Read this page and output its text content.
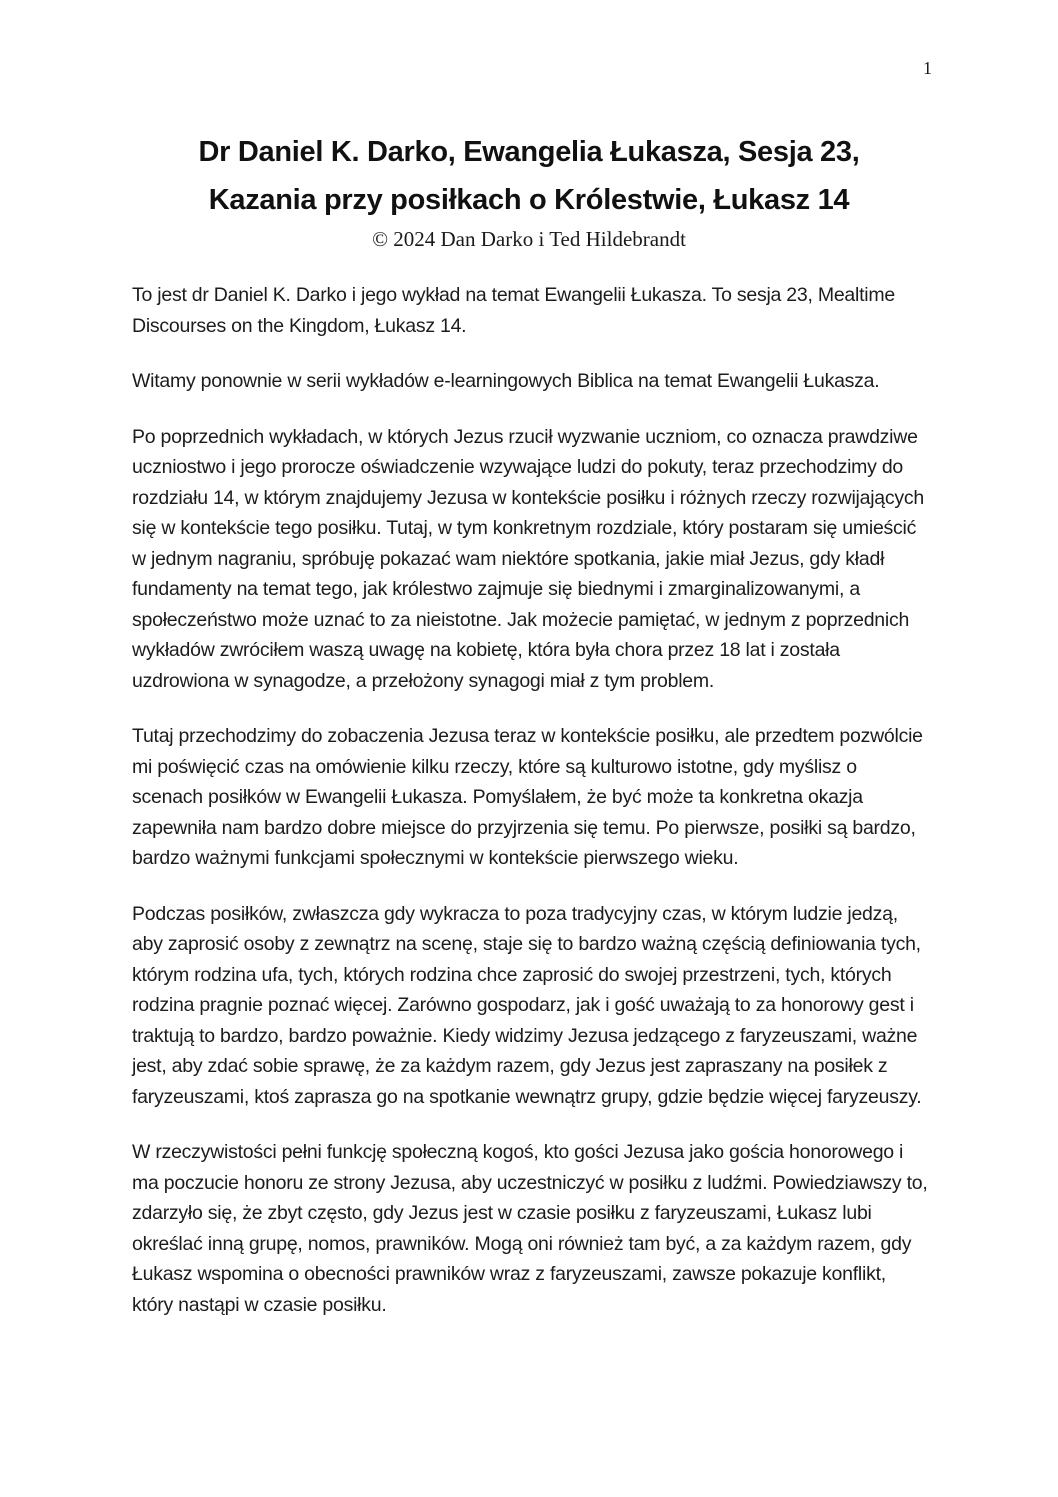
1
Dr Daniel K. Darko, Ewangelia Łukasza, Sesja 23,
Kazania przy posiłkach o Królestwie, Łukasz 14
© 2024 Dan Darko i Ted Hildebrandt

To jest dr Daniel K. Darko i jego wykład na temat Ewangelii Łukasza. To sesja 23, Mealtime Discourses on the Kingdom, Łukasz 14.

Witamy ponownie w serii wykładów e-learningowych Biblica na temat Ewangelii Łukasza.

Po poprzednich wykładach, w których Jezus rzucił wyzwanie uczniom, co oznacza prawdziwe uczniostwo i jego prorocze oświadczenie wzywające ludzi do pokuty, teraz przechodzimy do rozdziału 14, w którym znajdujemy Jezusa w kontekście posiłku i różnych rzeczy rozwijających się w kontekście tego posiłku. Tutaj, w tym konkretnym rozdziale, który postaram się umieścić w jednym nagraniu, spróbuję pokazać wam niektóre spotkania, jakie miał Jezus, gdy kładł fundamenty na temat tego, jak królestwo zajmuje się biednymi i zmarginalizowanymi, a społeczeństwo może uznać to za nieistotne. Jak możecie pamiętać, w jednym z poprzednich wykładów zwróciłem waszą uwagę na kobietę, która była chora przez 18 lat i została uzdrowiona w synagodze, a przełożony synagogi miał z tym problem.

Tutaj przechodzimy do zobaczenia Jezusa teraz w kontekście posiłku, ale przedtem pozwólcie mi poświęcić czas na omówienie kilku rzeczy, które są kulturowo istotne, gdy myślisz o scenach posiłków w Ewangelii Łukasza. Pomyślałem, że być może ta konkretna okazja zapewniła nam bardzo dobre miejsce do przyjrzenia się temu. Po pierwsze, posiłki są bardzo, bardzo ważnymi funkcjami społecznymi w kontekście pierwszego wieku.

Podczas posiłków, zwłaszcza gdy wykracza to poza tradycyjny czas, w którym ludzie jedzą, aby zaprosić osoby z zewnątrz na scenę, staje się to bardzo ważną częścią definiowania tych, którym rodzina ufa, tych, których rodzina chce zaprosić do swojej przestrzeni, tych, których rodzina pragnie poznać więcej. Zarówno gospodarz, jak i gość uważają to za honorowy gest i traktują to bardzo, bardzo poważnie. Kiedy widzimy Jezusa jedzącego z faryzeuszami, ważne jest, aby zdać sobie sprawę, że za każdym razem, gdy Jezus jest zapraszany na posiłek z faryzeuszami, ktoś zaprasza go na spotkanie wewnątrz grupy, gdzie będzie więcej faryzeuszy.

W rzeczywistości pełni funkcję społeczną kogoś, kto gości Jezusa jako gościa honorowego i ma poczucie honoru ze strony Jezusa, aby uczestniczyć w posiłku z ludźmi. Powiedziawszy to, zdarzyło się, że zbyt często, gdy Jezus jest w czasie posiłku z faryzeuszami, Łukasz lubi określać inną grupę, nomos, prawników. Mogą oni również tam być, a za każdym razem, gdy Łukasz wspomina o obecności prawników wraz z faryzeuszami, zawsze pokazuje konflikt, który nastąpi w czasie posiłku.
